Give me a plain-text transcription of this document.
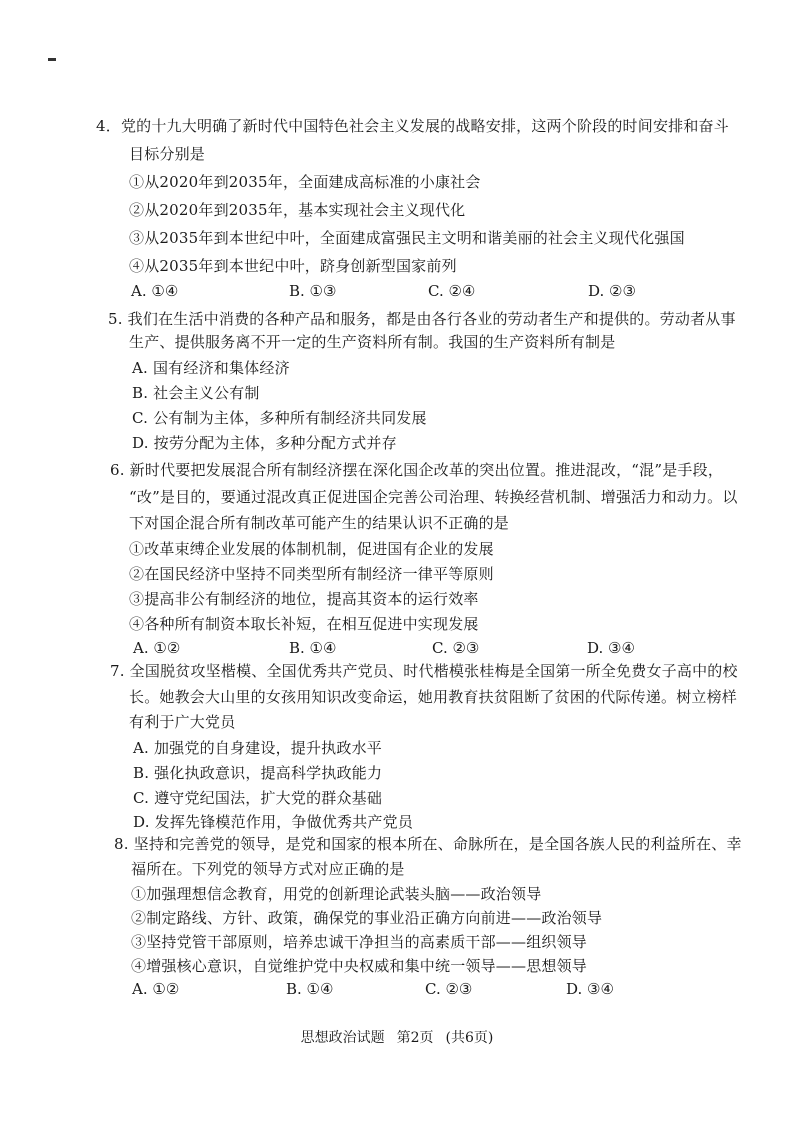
4．党的十九大明确了新时代中国特色社会主义发展的战略安排，这两个阶段的时间安排和奋斗
目标分别是
①从2020年到2035年，全面建成高标准的小康社会
②从2020年到2035年，基本实现社会主义现代化
③从2035年到本世纪中叶，全面建成富强民主文明和谐美丽的社会主义现代化强国
④从2035年到本世纪中叶，跻身创新型国家前列
A. ①④	B. ①③	C. ②④	D. ②③
5. 我们在生活中消费的各种产品和服务，都是由各行各业的劳动者生产和提供的。劳动者从事
生产、提供服务离不开一定的生产资料所有制。我国的生产资料所有制是
A. 国有经济和集体经济
B. 社会主义公有制
C. 公有制为主体，多种所有制经济共同发展
D. 按劳分配为主体，多种分配方式并存
6. 新时代要把发展混合所有制经济摆在深化国企改革的突出位置。推进混改，“混”是手段，
“改”是目的，要通过混改真正促进国企完善公司治理、转换经营机制、增强活力和动力。以
下对国企混合所有制改革可能产生的结果认识不正确的是
①改革束缚企业发展的体制机制，促进国有企业的发展
②在国民经济中坚持不同类型所有制经济一律平等原则
③提高非公有制经济的地位，提高其资本的运行效率
④各种所有制资本取长补短，在相互促进中实现发展
A. ①②	B. ①④	C. ②③	D. ③④
7. 全国脱贫攻坚楷模、全国优秀共产党员、时代楷模张桂梅是全国第一所全免费女子高中的校
长。她教会大山里的女孩用知识改变命运，她用教育扶贫阻断了贫困的代际传递。树立榜样
有利于广大党员
A. 加强党的自身建设，提升执政水平
B. 强化执政意识，提高科学执政能力
C. 遵守党纪国法，扩大党的群众基础
D. 发挥先锋模范作用，争做优秀共产党员
8. 坚持和完善党的领导，是党和国家的根本所在、命脉所在，是全国各族人民的利益所在、幸
福所在。下列党的领导方式对应正确的是
①加强理想信念教育，用党的创新理论武装头脑——政治领导
②制定路线、方针、政策，确保党的事业沿正确方向前进——政治领导
③坚持党管干部原则，培养忠诚干净担当的高素质干部——组织领导
④增强核心意识，自觉维护党中央权威和集中统一领导——思想领导
A. ①②	B. ①④	C. ②③	D. ③④
思想政治试题 第2页 (共6页)
